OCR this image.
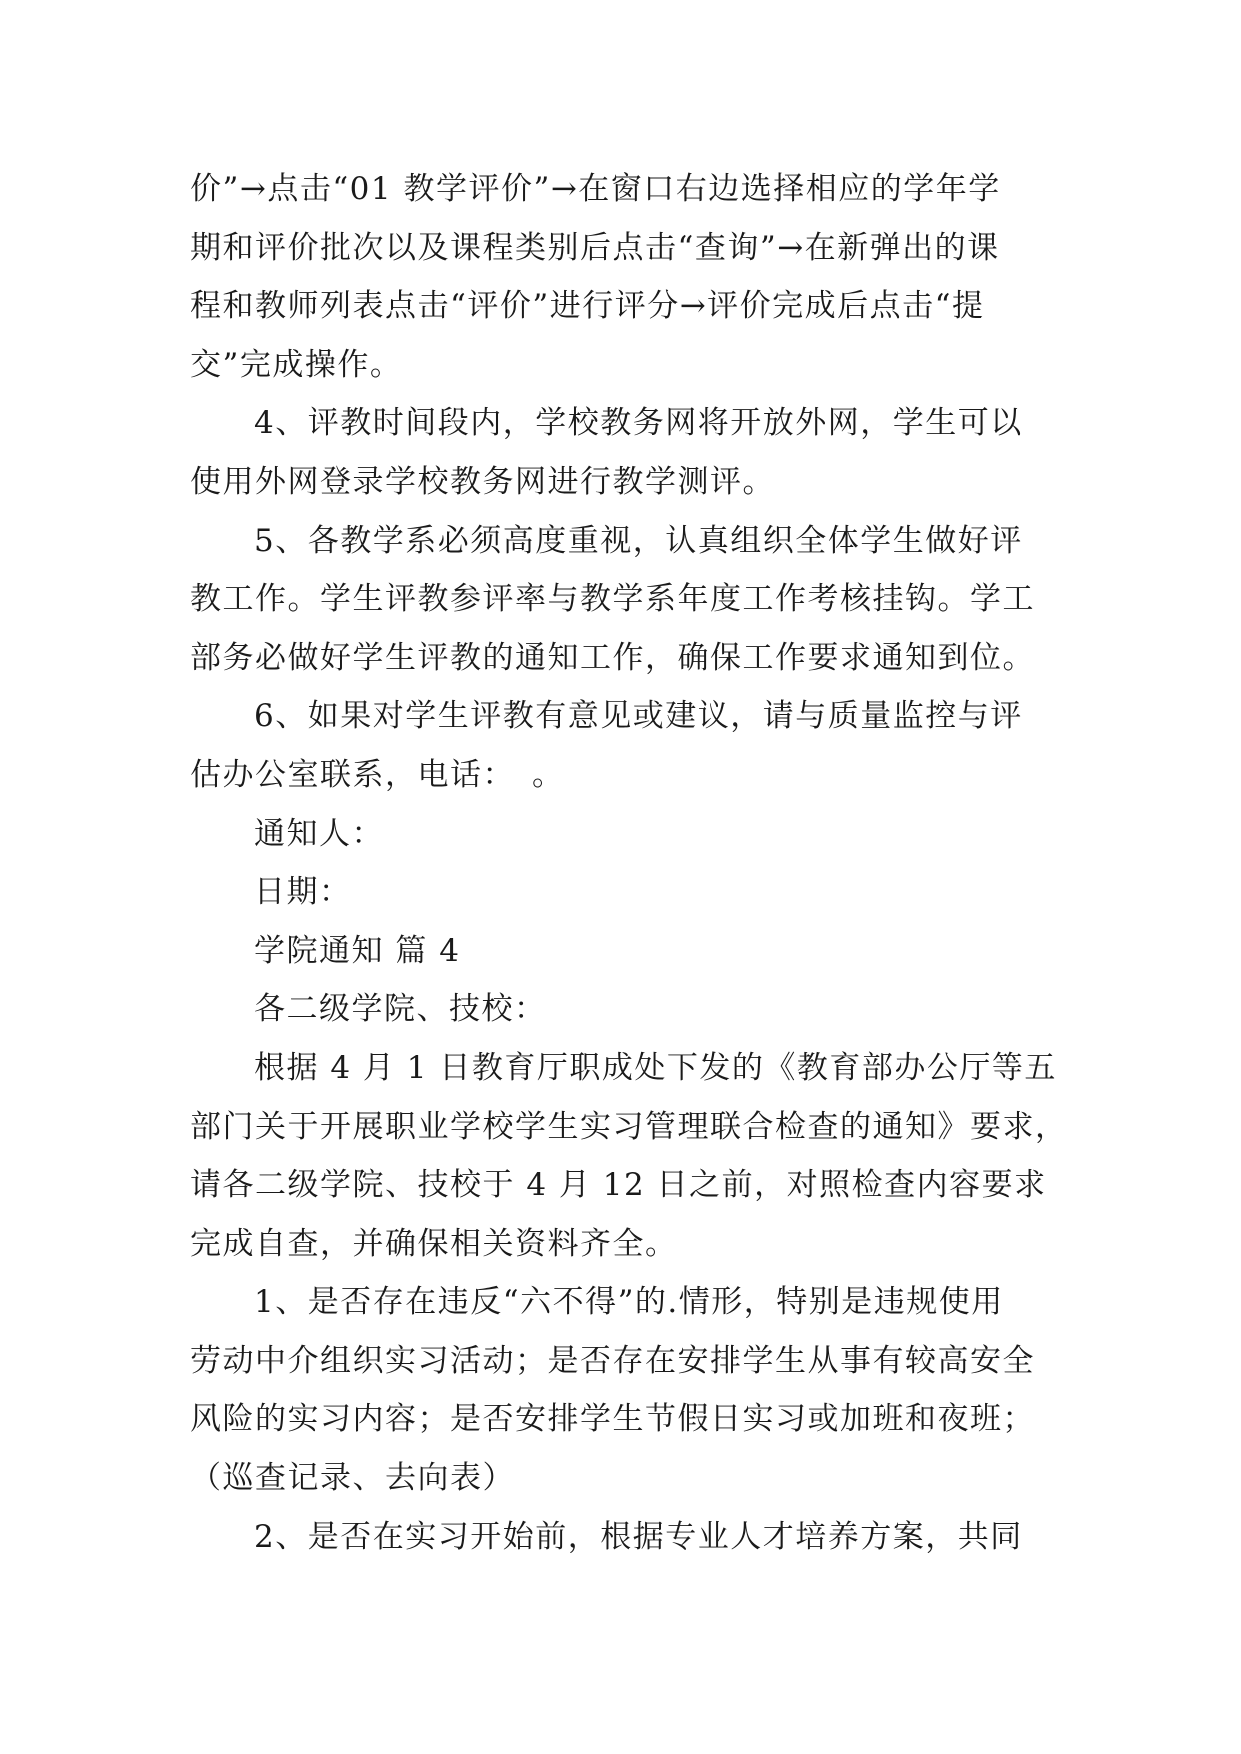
价”→点击“01 教学评价”→在窗口右边选择相应的学年学
期和评价批次以及课程类别后点击“查询”→在新弹出的课
程和教师列表点击“评价”进行评分→评价完成后点击“提
交”完成操作。
4、评教时间段内，学校教务网将开放外网，学生可以
使用外网登录学校教务网进行教学测评。
5、各教学系必须高度重视，认真组织全体学生做好评
教工作。学生评教参评率与教学系年度工作考核挂钩。学工
部务必做好学生评教的通知工作，确保工作要求通知到位。
6、如果对学生评教有意见或建议，请与质量监控与评
估办公室联系，电话：　。
通知人：
日期：
学院通知 篇 4
各二级学院、技校：
根据 4 月 1 日教育厅职成处下发的《教育部办公厅等五
部门关于开展职业学校学生实习管理联合检查的通知》要求，
请各二级学院、技校于 4 月 12 日之前，对照检查内容要求
完成自查，并确保相关资料齐全。
1、是否存在违反“六不得”的.情形，特别是违规使用
劳动中介组织实习活动；是否存在安排学生从事有较高安全
风险的实习内容；是否安排学生节假日实习或加班和夜班；
（巡查记录、去向表）
2、是否在实习开始前，根据专业人才培养方案，共同
